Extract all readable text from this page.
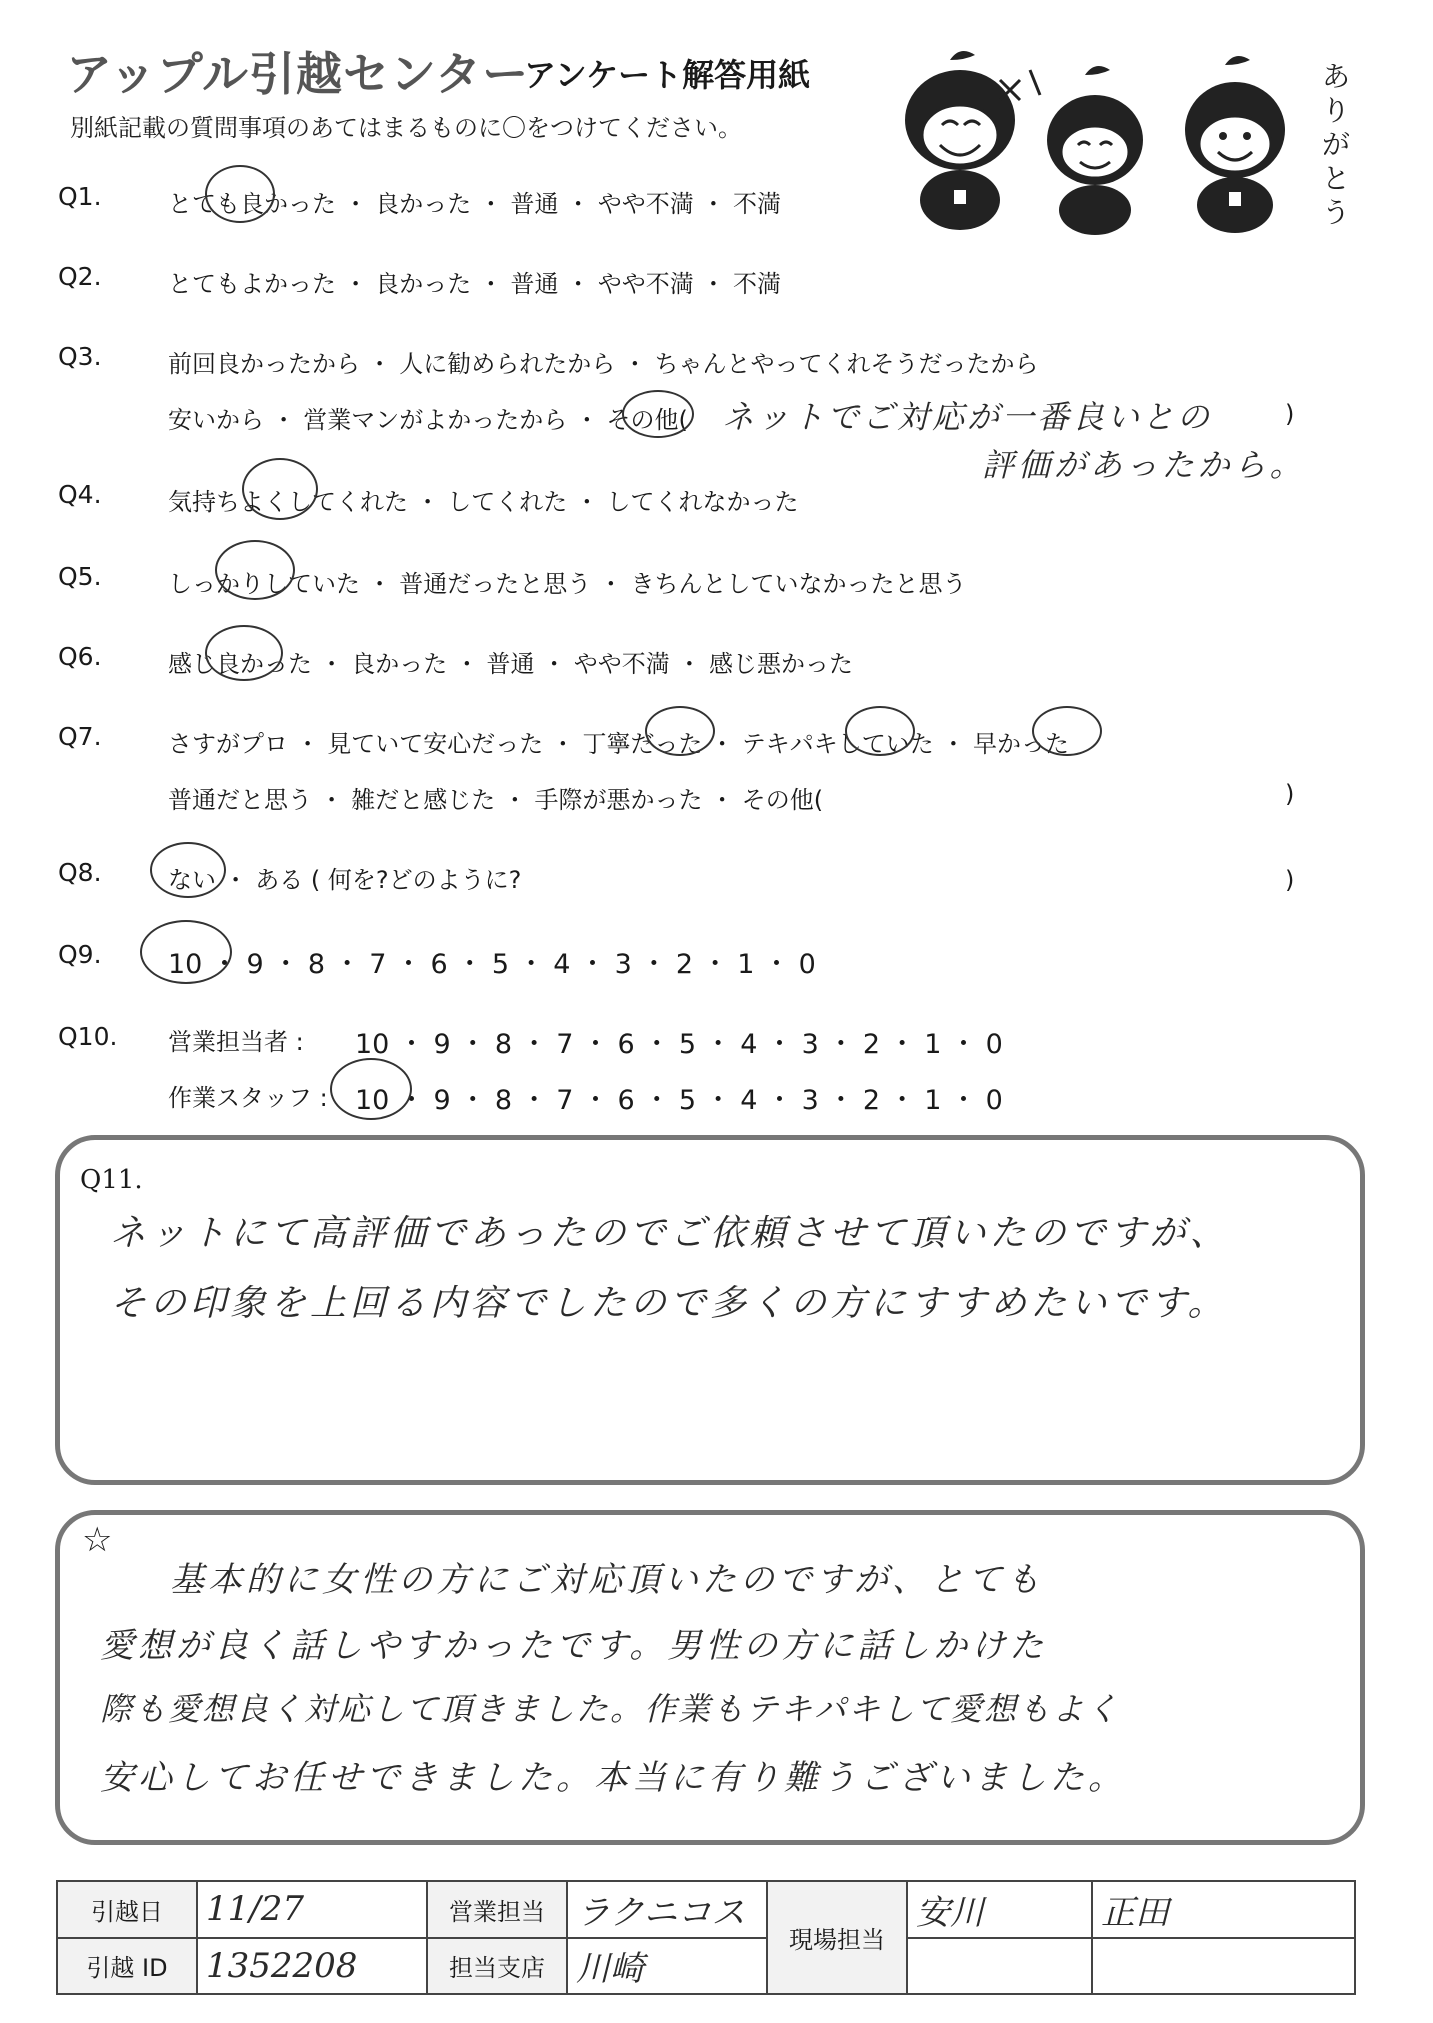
アップル引越センター
アンケート解答用紙
別紙記載の質問事項のあてはまるものに〇をつけてください。
ありがとう
Q1.	とても良かった ・ 良かった ・ 普通 ・ やや不満 ・ 不満
Q2.	とてもよかった ・ 良かった ・ 普通 ・ やや不満 ・ 不満
Q3.	前回良かったから ・ 人に勧められたから ・ ちゃんとやってくれそうだったから
安いから ・ 営業マンがよかったから ・ その他( ネットでご対応が一番良いとの	)
評価があったから。
Q4.	気持ちよくしてくれた ・ してくれた ・ してくれなかった
Q5.	しっかりしていた ・ 普通だったと思う ・ きちんとしていなかったと思う
Q6.	感じ良かった ・ 良かった ・ 普通 ・ やや不満 ・ 感じ悪かった
Q7.	さすがプロ ・ 見ていて安心だった ・ 丁寧だった ・ テキパキしていた ・ 早かった
普通だと思う ・ 雑だと感じた ・ 手際が悪かった ・ その他(	)
Q8.	ない ・ ある ( 何を?どのように?	)
Q9. 10 ・ 9 ・ 8 ・ 7 ・ 6 ・ 5 ・ 4 ・ 3 ・ 2 ・ 1 ・ 0
Q10. 営業担当者 : 10 ・ 9 ・ 8 ・ 7 ・ 6 ・ 5 ・ 4 ・ 3 ・ 2 ・ 1 ・ 0
作業スタッフ : 10 ・ 9 ・ 8 ・ 7 ・ 6 ・ 5 ・ 4 ・ 3 ・ 2 ・ 1 ・ 0
Q11.
ネットにて高評価であったのでご依頼させて頂いたのですが、
その印象を上回る内容でしたので多くの方にすすめたいです。
☆
基本的に女性の方にご対応頂いたのですが、とても
愛想が良く話しやすかったです。男性の方に話しかけた
際も愛想良く対応して頂きました。作業もテキパキして愛想もよく
安心してお任せできました。本当に有り難うございました。
引越日	11/27	営業担当	ラクニコス	現場担当	安川	正田
引越 ID	1352208	担当支店	川崎			
